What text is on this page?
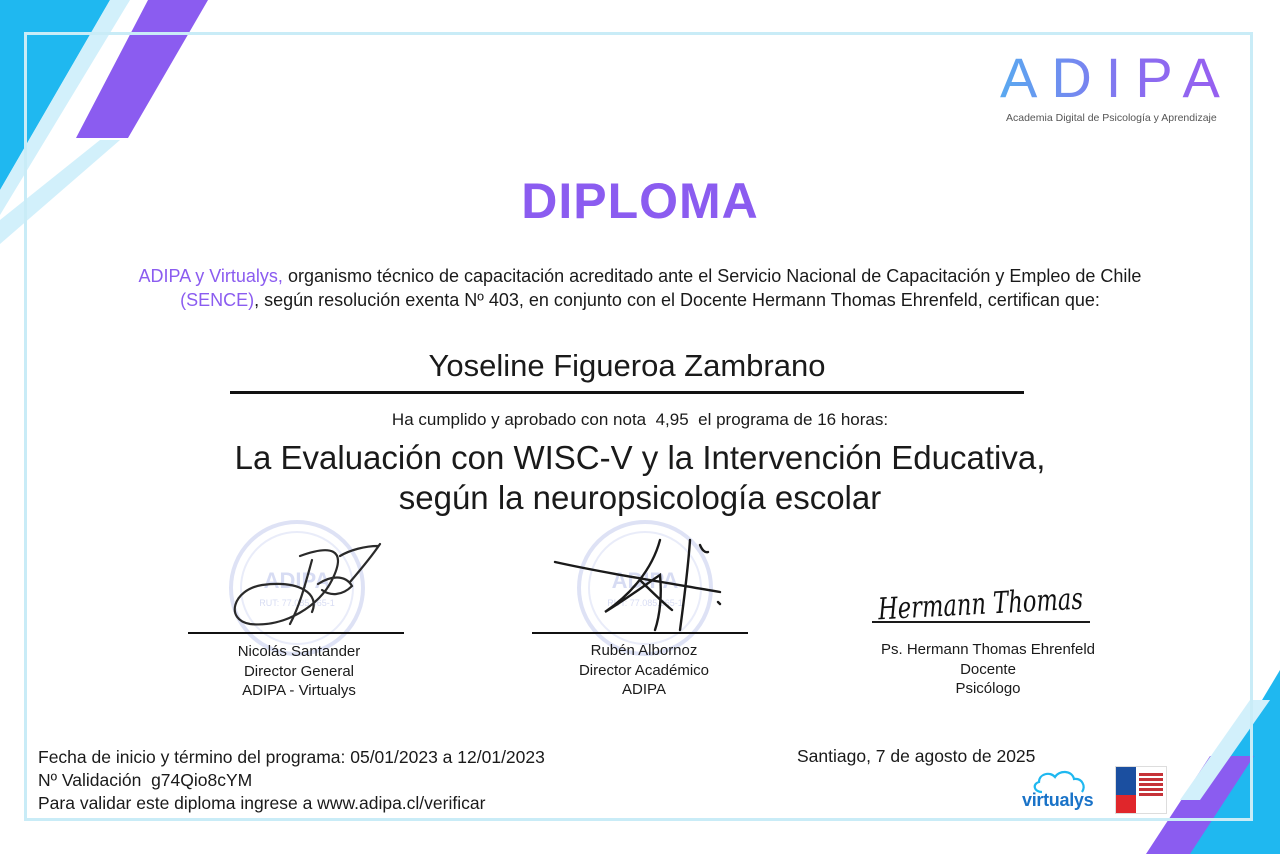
ADIPA
Academia Digital de Psicología y Aprendizaje
DIPLOMA
ADIPA y Virtualys, organismo técnico de capacitación acreditado ante el Servicio Nacional de Capacitación y Empleo de Chile (SENCE), según resolución exenta Nº 403, en conjunto con el Docente Hermann Thomas Ehrenfeld, certifican que:
Yoseline Figueroa Zambrano
Ha cumplido y aprobado con nota  4,95  el programa de 16 horas:
La Evaluación con WISC-V y la Intervención Educativa,
según la neuropsicología escolar
ADIPA
RUT: 77.085.965-1
ADIPA
RUT: 77.085.965-1	Hermann Thomas
Nicolás Santander
Director General
ADIPA - Virtualys
Rubén Albornoz
Director Académico
ADIPA
Ps. Hermann Thomas Ehrenfeld
Docente
Psicólogo
Fecha de inicio y término del programa: 05/01/2023 a 12/01/2023
Nº Validación  g74Qio8cYM
Para validar este diploma ingrese a www.adipa.cl/verificar
Santiago, 7 de agosto de 2025
virtualys
